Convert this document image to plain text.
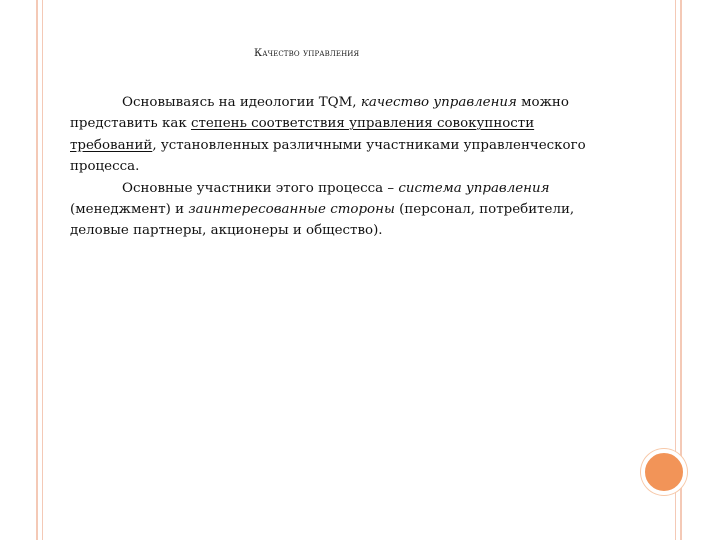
Качество управления

Основываясь на идеологии TQM, качество управления можно представить как степень соответствия управления совокупности требований, установленных различными участниками управленческого процесса.

Основные участники этого процесса – система управления (менеджмент) и заинтересованные стороны (персонал, потребители, деловые партнеры, акционеры и общество).
